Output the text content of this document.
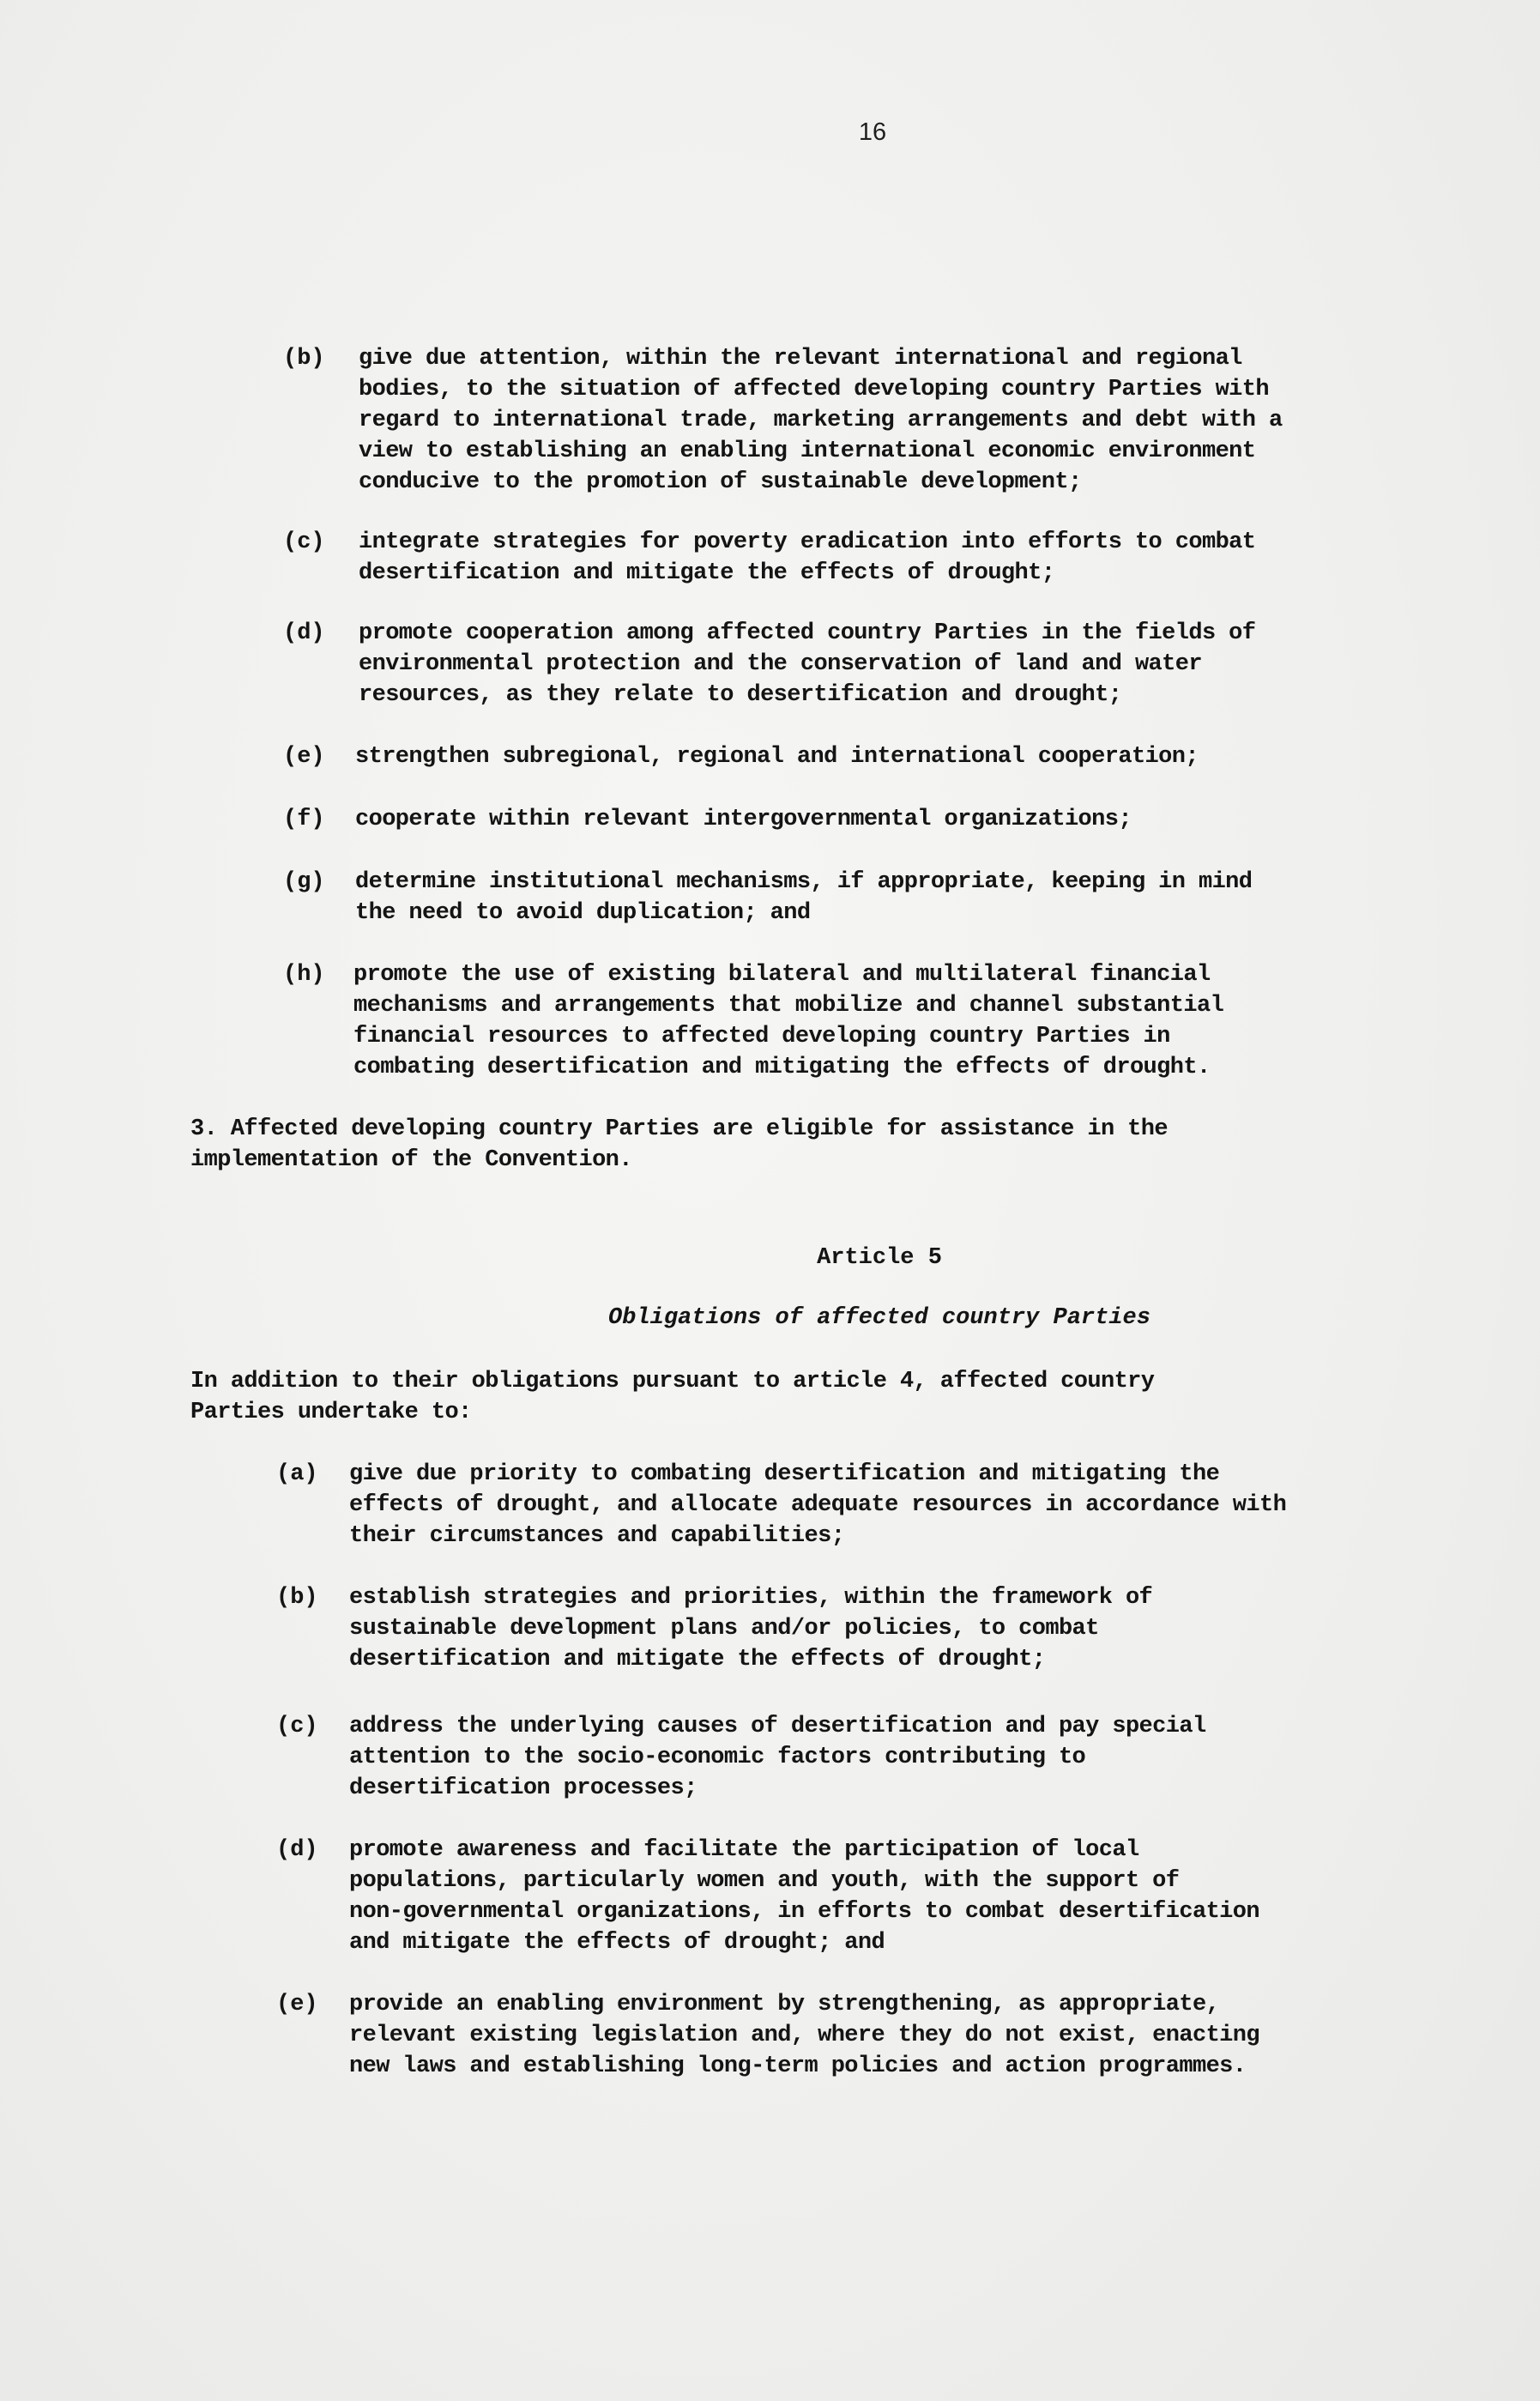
16
(b) give due attention, within the relevant international and regional
bodies, to the situation of affected developing country Parties with
regard to international trade, marketing arrangements and debt with a
view to establishing an enabling international economic environment
conducive to the promotion of sustainable development;
(c) integrate strategies for poverty eradication into efforts to combat
desertification and mitigate the effects of drought;
(d) promote cooperation among affected country Parties in the fields of
environmental protection and the conservation of land and water
resources, as they relate to desertification and drought;
(e) strengthen subregional, regional and international cooperation;
(f) cooperate within relevant intergovernmental organizations;
(g) determine institutional mechanisms, if appropriate, keeping in mind
the need to avoid duplication; and
(h) promote the use of existing bilateral and multilateral financial
mechanisms and arrangements that mobilize and channel substantial
financial resources to affected developing country Parties in
combating desertification and mitigating the effects of drought.
3. Affected developing country Parties are eligible for assistance in the
implementation of the Convention.
Article 5
Obligations of affected country Parties
In addition to their obligations pursuant to article 4, affected country
Parties undertake to:
(a) give due priority to combating desertification and mitigating the
effects of drought, and allocate adequate resources in accordance with
their circumstances and capabilities;
(b) establish strategies and priorities, within the framework of
sustainable development plans and/or policies, to combat
desertification and mitigate the effects of drought;
(c) address the underlying causes of desertification and pay special
attention to the socio-economic factors contributing to
desertification processes;
(d) promote awareness and facilitate the participation of local
populations, particularly women and youth, with the support of
non-governmental organizations, in efforts to combat desertification
and mitigate the effects of drought; and
(e) provide an enabling environment by strengthening, as appropriate,
relevant existing legislation and, where they do not exist, enacting
new laws and establishing long-term policies and action programmes.
